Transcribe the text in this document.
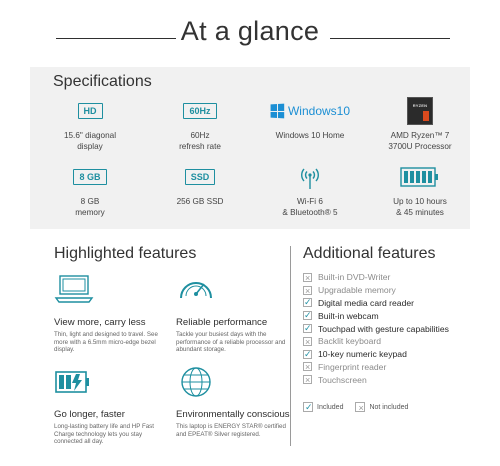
At a glance
Specifications
HD
15.6" diagonal
display
60Hz
60Hz
refresh rate
Windows10
Windows 10 Home
RYZEN
AMD Ryzen™ 7
3700U Processor
8 GB
8 GB
memory
SSD
256 GB SSD	Wi-Fi 6
& Bluetooth® 5
Up to 10 hours
& 45 minutes
Highlighted features
View more, carry less
Thin, light and designed to travel. See more with a 6.5mm micro-edge bezel display.
Reliable performance
Tackle your busiest days with the performance of a reliable processor and abundant storage.
Go longer, faster
Long-lasting battery life and HP Fast Charge technology lets you stay connected all day.
Environmentally conscious
This laptop is ENERGY STAR® certified and EPEAT® Silver registered.
Additional features
×
Built-in DVD-Writer
×
Upgradable memory
✓
Digital media card reader
✓
Built-in webcam
✓
Touchpad with gesture capabilities
×
Backlit keyboard
✓
10-key numeric keypad
×
Fingerprint reader
×
Touchscreen
✓
Included
×	Not included
